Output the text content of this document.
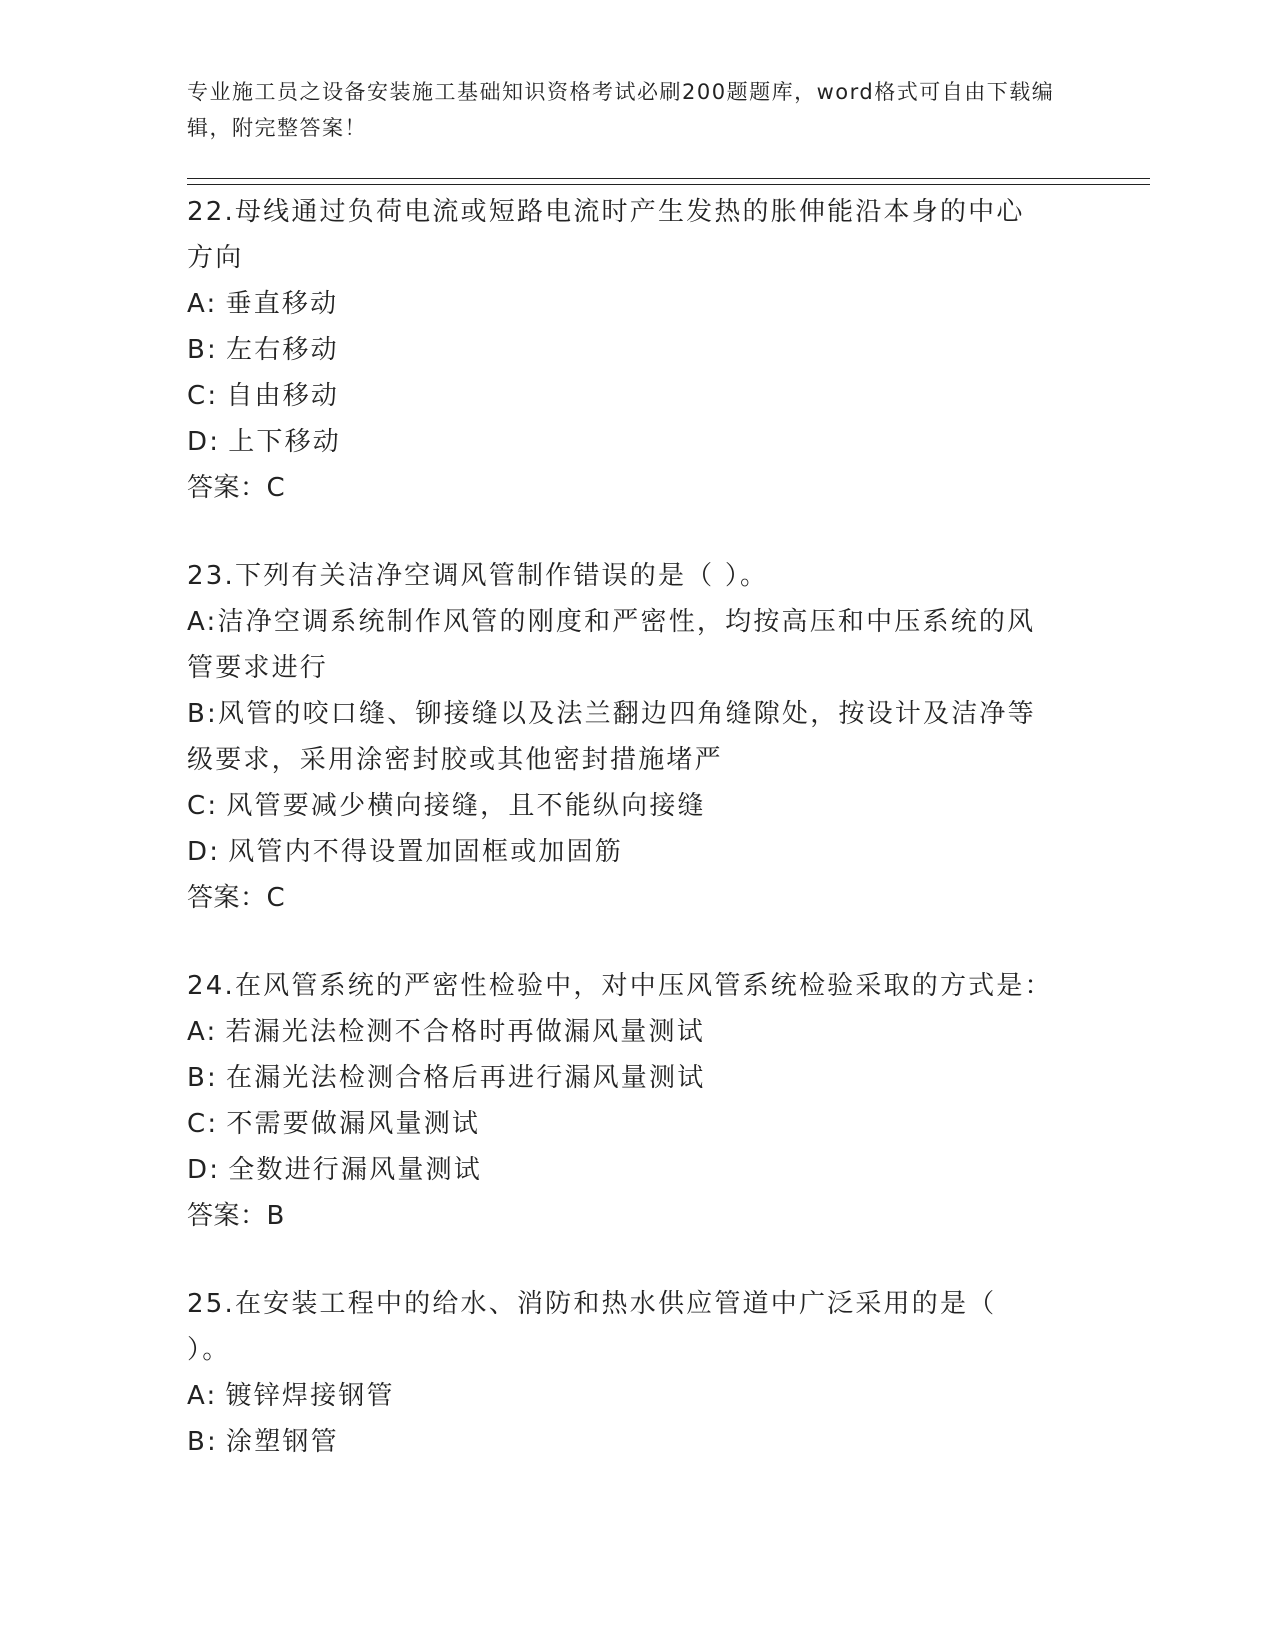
专业施工员之设备安装施工基础知识资格考试必刷200题题库，word格式可自由下载编辑，附完整答案！
22.母线通过负荷电流或短路电流时产生发热的胀伸能沿本身的中心方向
A: 垂直移动
B: 左右移动
C: 自由移动
D: 上下移动
答案：C
23.下列有关洁净空调风管制作错误的是（ ）。
A:洁净空调系统制作风管的刚度和严密性，均按高压和中压系统的风管要求进行
B:风管的咬口缝、铆接缝以及法兰翻边四角缝隙处，按设计及洁净等级要求，采用涂密封胶或其他密封措施堵严
C: 风管要减少横向接缝，且不能纵向接缝
D: 风管内不得设置加固框或加固筋
答案：C
24.在风管系统的严密性检验中，对中压风管系统检验采取的方式是：
A: 若漏光法检测不合格时再做漏风量测试
B: 在漏光法检测合格后再进行漏风量测试
C: 不需要做漏风量测试
D: 全数进行漏风量测试
答案：B
25.在安装工程中的给水、消防和热水供应管道中广泛采用的是（ ）。
A: 镀锌焊接钢管
B: 涂塑钢管
